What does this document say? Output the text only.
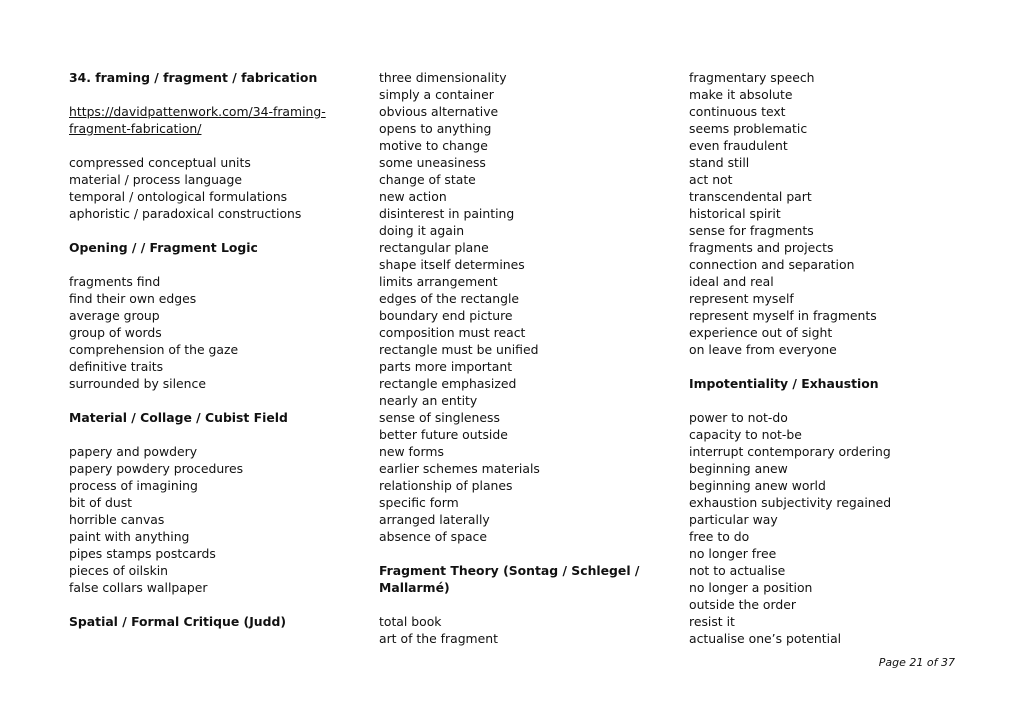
34. framing / fragment / fabrication
https://davidpattenwork.com/34-framing-
fragment-fabrication/
compressed conceptual units
material / process language
temporal / ontological formulations
aphoristic / paradoxical constructions
Opening / / Fragment Logic
fragments find
find their own edges
average group
group of words
comprehension of the gaze
definitive traits
surrounded by silence
Material / Collage / Cubist Field
papery and powdery
papery powdery procedures
process of imagining
bit of dust
horrible canvas
paint with anything
pipes stamps postcards
pieces of oilskin
false collars wallpaper
Spatial / Formal Critique (Judd)
three dimensionality
simply a container
obvious alternative
opens to anything
motive to change
some uneasiness
change of state
new action
disinterest in painting
doing it again
rectangular plane
shape itself determines
limits arrangement
edges of the rectangle
boundary end picture
composition must react
rectangle must be unified
parts more important
rectangle emphasized
nearly an entity
sense of singleness
better future outside
new forms
earlier schemes materials
relationship of planes
specific form
arranged laterally
absence of space
Fragment Theory (Sontag / Schlegel /
Mallarmé)
total book
art of the fragment
fragmentary speech
make it absolute
continuous text
seems problematic
even fraudulent
stand still
act not
transcendental part
historical spirit
sense for fragments
fragments and projects
connection and separation
ideal and real
represent myself
represent myself in fragments
experience out of sight
on leave from everyone
Impotentiality / Exhaustion
power to not-do
capacity to not-be
interrupt contemporary ordering
beginning anew
beginning anew world
exhaustion subjectivity regained
particular way
free to do
no longer free
not to actualise
no longer a position
outside the order
resist it
actualise one’s potential
Page 21 of 37
